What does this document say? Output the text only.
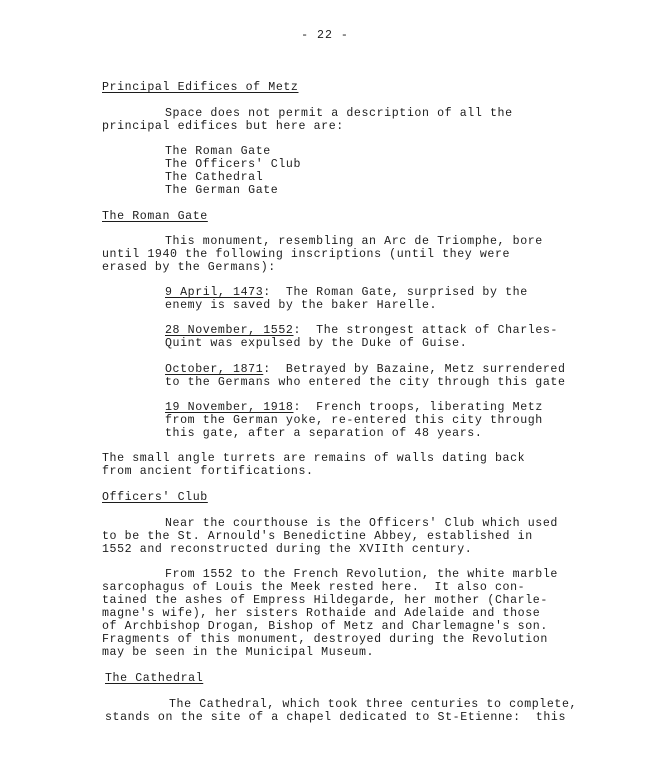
- 22 -
Principal Edifices of Metz
Space does not permit a description of all the
principal edifices but here are:
The Roman Gate
The Officers' Club
The Cathedral
The German Gate
The Roman Gate
This monument, resembling an Arc de Triomphe, bore
until 1940 the following inscriptions (until they were
erased by the Germans):
9 April, 1473:  The Roman Gate, surprised by the
enemy is saved by the baker Harelle.
28 November, 1552:  The strongest attack of Charles-
Quint was expulsed by the Duke of Guise.
October, 1871:  Betrayed by Bazaine, Metz surrendered
to the Germans who entered the city through this gate
19 November, 1918:  French troops, liberating Metz
from the German yoke, re-entered this city through
this gate, after a separation of 48 years.
The small angle turrets are remains of walls dating back
from ancient fortifications.
Officers' Club
Near the courthouse is the Officers' Club which used
to be the St. Arnould's Benedictine Abbey, established in
1552 and reconstructed during the XVIIth century.
From 1552 to the French Revolution, the white marble
sarcophagus of Louis the Meek rested here.  It also con-
tained the ashes of Empress Hildegarde, her mother (Charle-
magne's wife), her sisters Rothaide and Adelaide and those
of Archbishop Drogan, Bishop of Metz and Charlemagne's son.
Fragments of this monument, destroyed during the Revolution
may be seen in the Municipal Museum.
The Cathedral
The Cathedral, which took three centuries to complete,
stands on the site of a chapel dedicated to St-Etienne:  this
